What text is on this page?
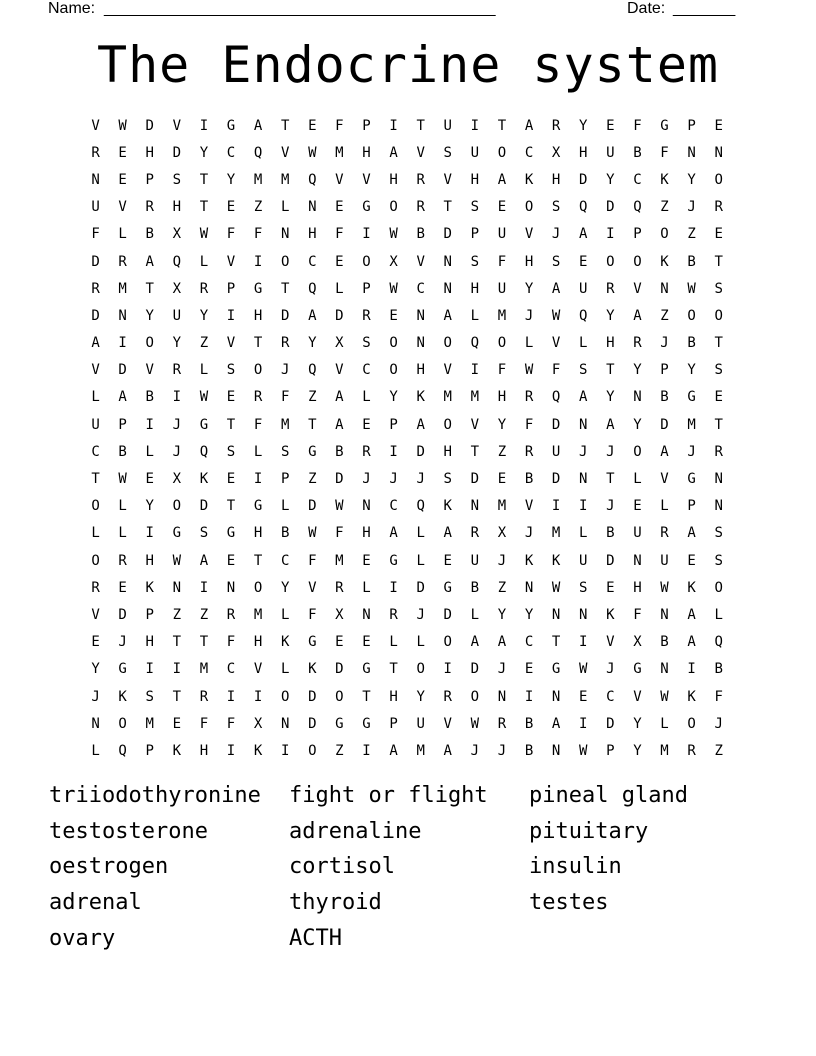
Name: ____________________________________________	Date: _______
The Endocrine system
V	W	D	V	I	G	A	T	E	F	P	I	T	U	I	T	A	R	Y	E	F	G	P	E
R	E	H	D	Y	C	Q	V	W	M	H	A	V	S	U	O	C	X	H	U	B	F	N	N
N	E	P	S	T	Y	M	M	Q	V	V	H	R	V	H	A	K	H	D	Y	C	K	Y	O
U	V	R	H	T	E	Z	L	N	E	G	O	R	T	S	E	O	S	Q	D	Q	Z	J	R
F	L	B	X	W	F	F	N	H	F	I	W	B	D	P	U	V	J	A	I	P	O	Z	E
D	R	A	Q	L	V	I	O	C	E	O	X	V	N	S	F	H	S	E	O	O	K	B	T
R	M	T	X	R	P	G	T	Q	L	P	W	C	N	H	U	Y	A	U	R	V	N	W	S
D	N	Y	U	Y	I	H	D	A	D	R	E	N	A	L	M	J	W	Q	Y	A	Z	O	O
A	I	O	Y	Z	V	T	R	Y	X	S	O	N	O	Q	O	L	V	L	H	R	J	B	T
V	D	V	R	L	S	O	J	Q	V	C	O	H	V	I	F	W	F	S	T	Y	P	Y	S
L	A	B	I	W	E	R	F	Z	A	L	Y	K	M	M	H	R	Q	A	Y	N	B	G	E
U	P	I	J	G	T	F	M	T	A	E	P	A	O	V	Y	F	D	N	A	Y	D	M	T
C	B	L	J	Q	S	L	S	G	B	R	I	D	H	T	Z	R	U	J	J	O	A	J	R
T	W	E	X	K	E	I	P	Z	D	J	J	J	S	D	E	B	D	N	T	L	V	G	N
O	L	Y	O	D	T	G	L	D	W	N	C	Q	K	N	M	V	I	I	J	E	L	P	N
L	L	I	G	S	G	H	B	W	F	H	A	L	A	R	X	J	M	L	B	U	R	A	S
O	R	H	W	A	E	T	C	F	M	E	G	L	E	U	J	K	K	U	D	N	U	E	S
R	E	K	N	I	N	O	Y	V	R	L	I	D	G	B	Z	N	W	S	E	H	W	K	O
V	D	P	Z	Z	R	M	L	F	X	N	R	J	D	L	Y	Y	N	N	K	F	N	A	L
E	J	H	T	T	F	H	K	G	E	E	L	L	O	A	A	C	T	I	V	X	B	A	Q
Y	G	I	I	M	C	V	L	K	D	G	T	O	I	D	J	E	G	W	J	G	N	I	B
J	K	S	T	R	I	I	O	D	O	T	H	Y	R	O	N	I	N	E	C	V	W	K	F
N	O	M	E	F	F	X	N	D	G	G	P	U	V	W	R	B	A	I	D	Y	L	O	J
L	Q	P	K	H	I	K	I	O	Z	I	A	M	A	J	J	B	N	W	P	Y	M	R	Z
triiodothyronine	fight or flight	pineal gland
testosterone	adrenaline	pituitary
oestrogen	cortisol	insulin
adrenal	thyroid	testes
ovary	ACTH
